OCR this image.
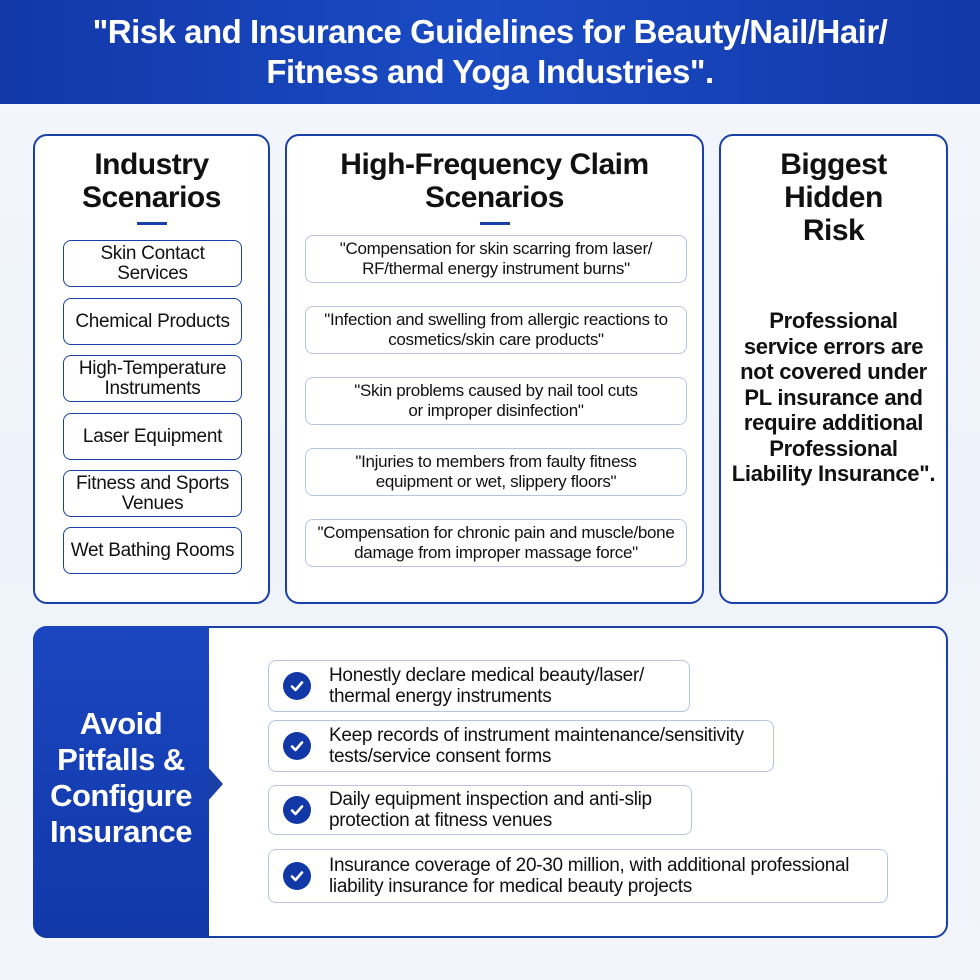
"Risk and Insurance Guidelines for Beauty/Nail/Hair/ Fitness and Yoga Industries".
Industry Scenarios
Skin Contact Services
Chemical Products
High-Temperature Instruments
Laser Equipment
Fitness and Sports Venues
Wet Bathing Rooms
High-Frequency Claim Scenarios
"Compensation for skin scarring from laser/ RF/thermal energy instrument burns"
"Infection and swelling from allergic reactions to cosmetics/skin care products"
"Skin problems caused by nail tool cuts or improper disinfection"
"Injuries to members from faulty fitness equipment or wet, slippery floors"
"Compensation for chronic pain and muscle/bone damage from improper massage force"
Biggest Hidden Risk
Professional service errors are not covered under PL insurance and require additional Professional Liability Insurance".
Avoid Pitfalls & Configure Insurance
Honestly declare medical beauty/laser/ thermal energy instruments
Keep records of instrument maintenance/sensitivity tests/service consent forms
Daily equipment inspection and anti-slip protection at fitness venues
Insurance coverage of 20-30 million, with additional professional liability insurance for medical beauty projects
